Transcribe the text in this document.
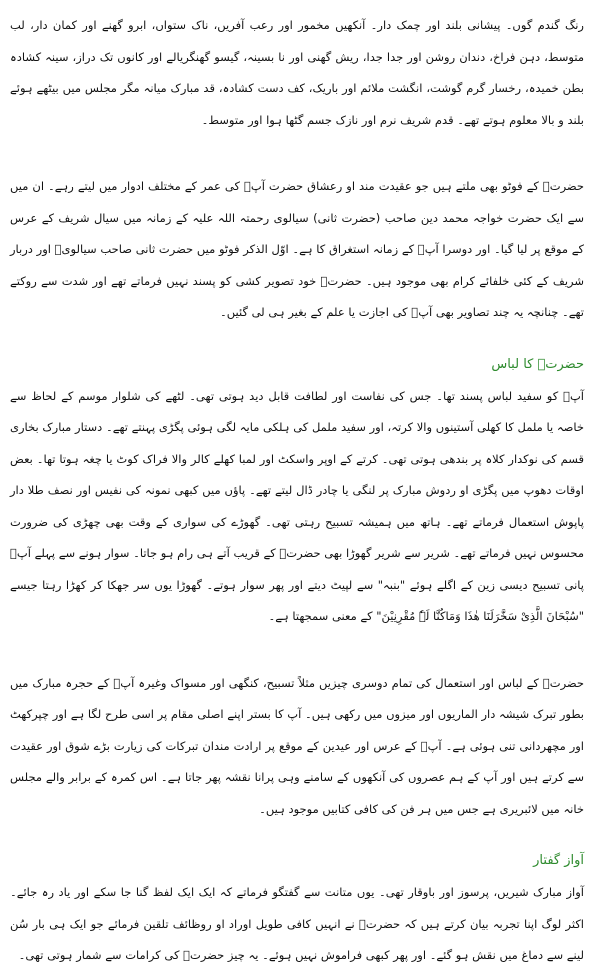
رنگ گندم گوں۔ پیشانی بلند اور چمک دار۔ آنکھیں مخمور اور رعب آفریں، ناک ستواں، ابرو گھنے اور کمان دار، لب متوسط، دہن فراخ، دندان روشن اور جدا جدا، ریش گھنی اور نا بسینہ، گیسو گھنگریالے اور کانوں تک دراز، سینہ کشادہ بطن خمیدہ، رخسار گرم گوشت، انگشت ملائم اور باریک، کف دست کشادہ، قد مبارک میانہ مگر مجلس میں بیٹھے ہوئے بلند و بالا معلوم ہوتے تھے۔ قدم شریف نرم اور نازک جسم گٹھا ہوا اور متوسط۔

حضرتؒ کے فوٹو بھی ملتے ہیں جو عقیدت مند او رعشاق حضرت آپؒ کی عمر کے مختلف ادوار میں لیتے رہے۔ ان میں سے ایک حضرت خواجہ محمد دین صاحب (حضرت ثانی) سیالوی رحمتہ اللہ علیہ کے زمانہ میں سیال شریف کے عرس کے موقع پر لیا گیا۔ اور دوسرا آپؒ کے زمانہ استغراق کا ہے۔ اوّل الذکر فوٹو میں حضرت ثانی صاحب سیالویؒ اور دربار شریف کے کئی خلفائے کرام بھی موجود ہیں۔ حضرتؒ خود تصویر کشی کو پسند نہیں فرماتے تھے اور شدت سے روکتے تھے۔ چنانچہ یہ چند تصاویر بھی آپؒ کی اجازت یا علم کے بغیر ہی لی گئیں۔

حضرتؒ کا لباس

آپؒ کو سفید لباس پسند تھا۔ جس کی نفاست اور لطافت قابل دید ہوتی تھی۔ لٹھے کی شلوار موسم کے لحاظ سے خاصہ یا ململ کا کھلی آستینوں والا کرتہ، اور سفید ململ کی ہلکی مایہ لگی ہوئی پگڑی پہنتے تھے۔ دستار مبارک بخاری قسم کی نوکدار کلاہ پر بندھی ہوتی تھی۔ کرتے کے اوپر واسکٹ اور لمبا کھلے کالر والا فراک کوٹ یا چغہ ہوتا تھا۔ بعض اوقات دھوپ میں پگڑی او ردوش مبارک پر لنگی یا چادر ڈال لیتے تھے۔ پاؤں میں کبھی نمونہ کی نفیس اور نصف طلا دار پاپوش استعمال فرماتے تھے۔ ہاتھ میں ہمیشہ تسبیح رہتی تھی۔ گھوڑے کی سواری کے وقت بھی چھڑی کی ضرورت محسوس نہیں فرماتے تھے۔ شریر سے شریر گھوڑا بھی حضرتؒ کے قریب آتے ہی رام ہو جاتا۔ سوار ہونے سے پہلے آپؒ پانی تسبیح دیسی زین کے اگلے ہوئے "بنبہ" سے لپیٹ دیتے اور پھر سوار ہوتے۔ گھوڑا یوں سر جھکا کر کھڑا رہتا جیسے "سُبْحَانَ الَّذِیْ سَخَّرَلَنَا ھٰذَا وَمَاکُنَّا لَہٗ مُقْرِنِیْنَ" کے معنی سمجھتا ہے۔

حضرتؒ کے لباس اور استعمال کی تمام دوسری چیزیں مثلاً تسبیح، کنگھی اور مسواک وغیرہ آپؒ کے حجرہ مبارک میں بطور تبرک شیشہ دار الماریوں اور میزوں میں رکھی ہیں۔ آپ کا بستر اپنے اصلی مقام پر اسی طرح لگا ہے اور چپرکھٹ اور مچھردانی تنی ہوئی ہے۔ آپؒ کے عرس اور عیدین کے موقع پر ارادت مندان تبرکات کی زیارت بڑے شوق اور عقیدت سے کرتے ہیں اور آپ کے ہم عصروں کی آنکھوں کے سامنے وہی پرانا نقشہ پھر جاتا ہے۔ اس کمرہ کے برابر والے مجلس خانہ میں لائبریری ہے جس میں ہر فن کی کافی کتابیں موجود ہیں۔

آواز گفتار

آواز مبارک شیریں، پرسوز اور باوقار تھی۔ یوں متانت سے گفتگو فرماتے کہ ایک ایک لفظ گنا جا سکے اور یاد رہ جائے۔ اکثر لوگ اپنا تجربہ بیان کرتے ہیں کہ حضرتؒ نے انہیں کافی طویل اوراد او روظائف تلقین فرمائے جو ایک ہی بار سُن لینے سے دماغ میں نقش ہو گئے۔ اور پھر کبھی فراموش نہیں ہوئے۔ یہ چیز حضرتؒ کی کرامات سے شمار ہوتی تھی۔
